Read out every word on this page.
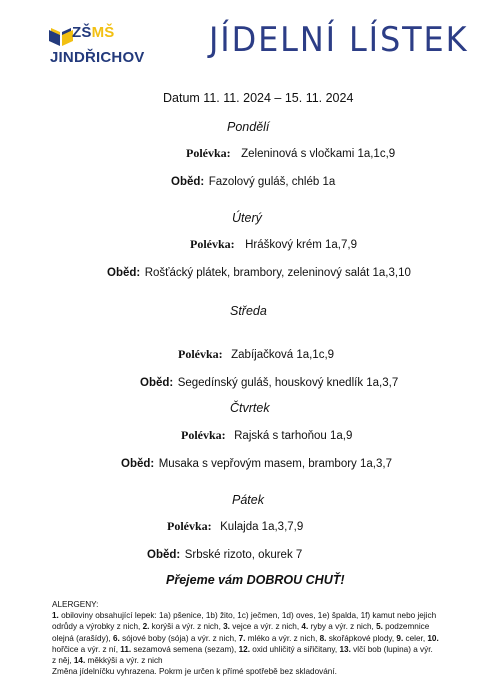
ZŠMŠ
JINDŘICHOV JÍDELNÍ LÍSTEK
Datum 11. 11. 2024 – 15. 11. 2024
Pondělí
Polévka: Zeleninová s vločkami 1a,1c,9
Oběd: Fazolový guláš, chléb 1a
Úterý
Polévka: Hráškový krém 1a,7,9
Oběd: Rošťácký plátek, brambory, zeleninový salát 1a,3,10
Středa
Polévka: Zabíjačková 1a,1c,9
Oběd: Segedínský guláš, houskový knedlík 1a,3,7
Čtvrtek
Polévka: Rajská s tarhoňou 1a,9
Oběd: Musaka s vepřovým masem, brambory 1a,3,7
Pátek
Polévka: Kulajda 1a,3,7,9
Oběd: Srbské rizoto, okurek 7
Přejeme vám DOBROU CHUŤ!
ALERGENY:
1. obiloviny obsahující lepek: 1a) pšenice, 1b) žito, 1c) ječmen, 1d) oves, 1e) špalda, 1f) kamut nebo jejich
odrůdy a výrobky z nich, 2. korýši a výr. z nich, 3. vejce a výr. z nich, 4. ryby a výr. z nich, 5. podzemnice
olejná (arašídy), 6. sójové boby (sója) a výr. z nich, 7. mléko a výr. z nich, 8. skořápkové plody, 9. celer, 10.
hořčice a výr. z ní, 11. sezamová semena (sezam), 12. oxid uhličitý a siřičitany, 13. vlčí bob (lupina) a výr.
z něj, 14. měkkýši a výr. z nich
Změna jídelníčku vyhrazena. Pokrm je určen k přímé spotřebě bez skladování.
